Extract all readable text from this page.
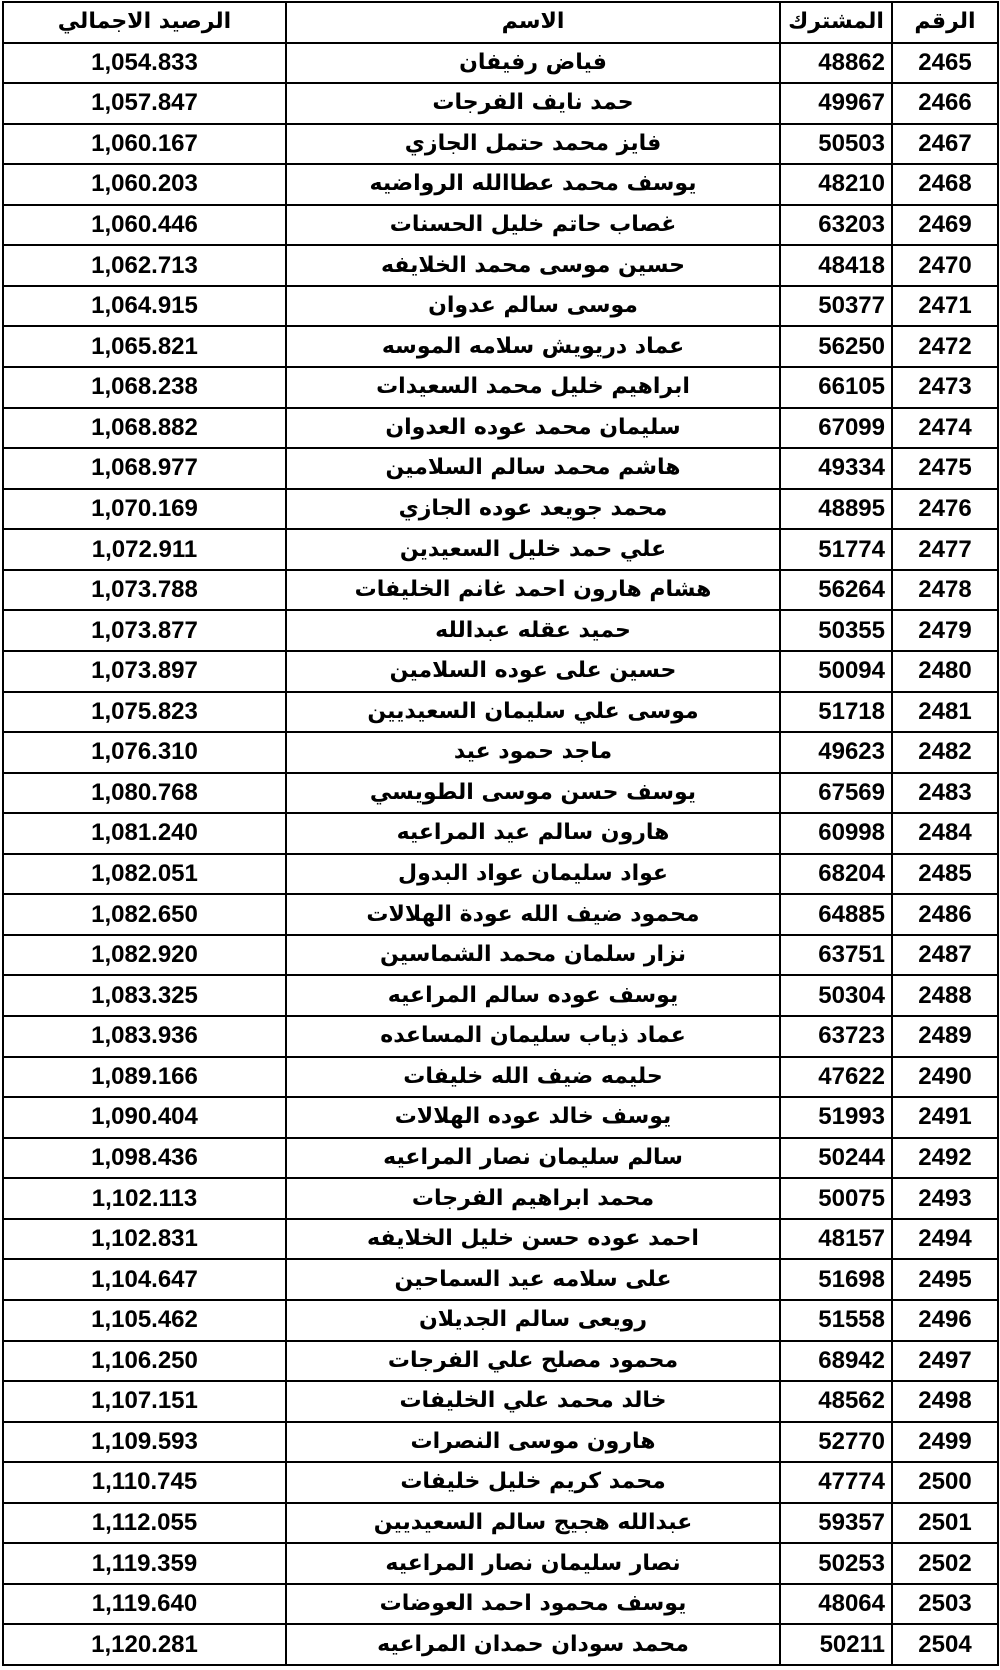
الرقم	المشترك	الاسم	الرصيد الاجمالي
2465	48862	فياض رفيفان	1,054.833
2466	49967	حمد نايف الفرجات	1,057.847
2467	50503	فايز محمد حتمل الجازي	1,060.167
2468	48210	يوسف محمد عطاالله الرواضيه	1,060.203
2469	63203	غصاب حاتم خليل الحسنات	1,060.446
2470	48418	حسين موسى محمد الخلايفه	1,062.713
2471	50377	موسى سالم عدوان	1,064.915
2472	56250	عماد دريويش سلامه الموسه	1,065.821
2473	66105	ابراهيم خليل محمد السعيدات	1,068.238
2474	67099	سليمان محمد عوده العدوان	1,068.882
2475	49334	هاشم محمد سالم السلامين	1,068.977
2476	48895	محمد جويعد عوده الجازي	1,070.169
2477	51774	علي حمد خليل السعيدين	1,072.911
2478	56264	هشام هارون احمد غانم الخليفات	1,073.788
2479	50355	حميد عقله عبدالله	1,073.877
2480	50094	حسين على عوده السلامين	1,073.897
2481	51718	موسى علي سليمان السعيديين	1,075.823
2482	49623	ماجد حمود عيد	1,076.310
2483	67569	يوسف حسن موسى الطويسي	1,080.768
2484	60998	هارون سالم عيد المراعيه	1,081.240
2485	68204	عواد سليمان عواد البدول	1,082.051
2486	64885	محمود ضيف الله عودة الهلالات	1,082.650
2487	63751	نزار سلمان محمد الشماسين	1,082.920
2488	50304	يوسف عوده سالم المراعيه	1,083.325
2489	63723	عماد ذياب سليمان المساعده	1,083.936
2490	47622	حليمه ضيف الله خليفات	1,089.166
2491	51993	يوسف خالد عوده الهلالات	1,090.404
2492	50244	سالم سليمان نصار المراعيه	1,098.436
2493	50075	محمد ابراهيم الفرجات	1,102.113
2494	48157	احمد عوده حسن خليل الخلايفه	1,102.831
2495	51698	على سلامه عيد السماحين	1,104.647
2496	51558	رويعى سالم الجديلان	1,105.462
2497	68942	محمود مصلح علي الفرجات	1,106.250
2498	48562	خالد محمد علي الخليفات	1,107.151
2499	52770	هارون موسى النصرات	1,109.593
2500	47774	محمد كريم خليل خليفات	1,110.745
2501	59357	عبدالله هجيج سالم السعيديين	1,112.055
2502	50253	نصار سليمان نصار المراعيه	1,119.359
2503	48064	يوسف محمود احمد العوضات	1,119.640
2504	50211	محمد سودان حمدان المراعيه	1,120.281
